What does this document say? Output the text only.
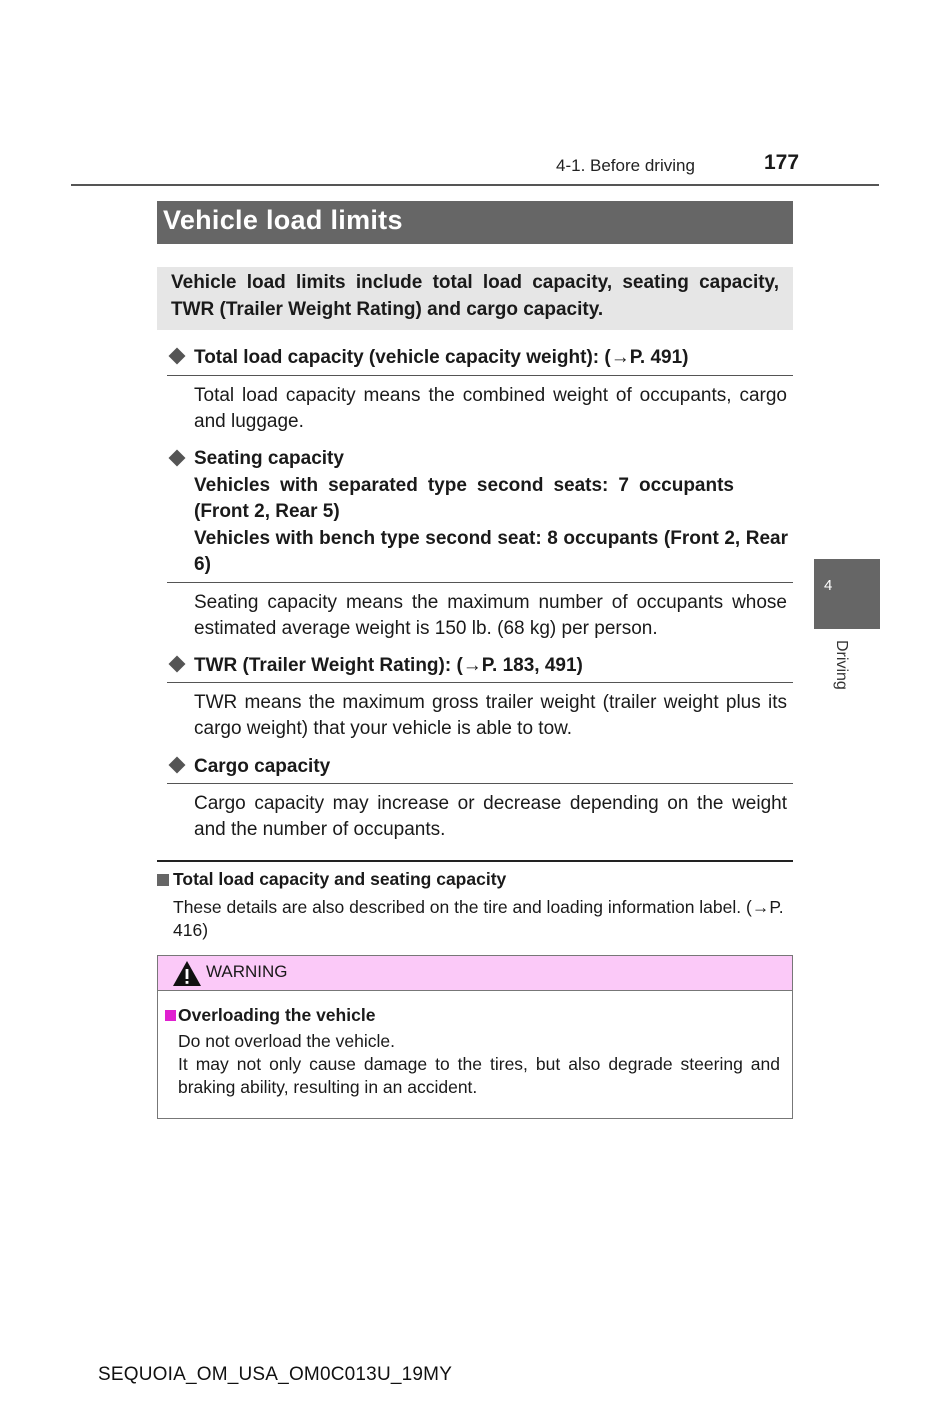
4-1. Before driving	177
Vehicle load limits
Vehicle load limits include total load capacity, seating capacity, TWR (Trailer Weight Rating) and cargo capacity.
Total load capacity (vehicle capacity weight): (→P. 491)
Total load capacity means the combined weight of occupants, cargo and luggage.
Seating capacity
Vehicles with separated type second seats: 7 occupants (Front 2, Rear 5)
Vehicles with bench type second seat: 8 occupants (Front 2, Rear 6)
Seating capacity means the maximum number of occupants whose estimated average weight is 150 lb. (68 kg) per person.
TWR (Trailer Weight Rating): (→P. 183, 491)
TWR means the maximum gross trailer weight (trailer weight plus its cargo weight) that your vehicle is able to tow.
Cargo capacity
Cargo capacity may increase or decrease depending on the weight and the number of occupants.
Total load capacity and seating capacity
These details are also described on the tire and loading information label. (→P. 416)
WARNING
Overloading the vehicle
Do not overload the vehicle.
It may not only cause damage to the tires, but also degrade steering and braking ability, resulting in an accident.
4
Driving
SEQUOIA_OM_USA_OM0C013U_19MY
